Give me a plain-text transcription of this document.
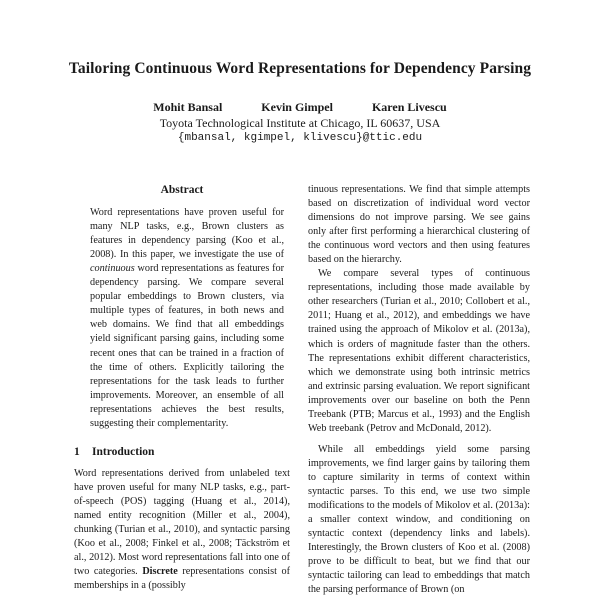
Tailoring Continuous Word Representations for Dependency Parsing
Mohit Bansal	Kevin Gimpel	Karen Livescu
Toyota Technological Institute at Chicago, IL 60637, USA
{mbansal, kgimpel, klivescu}@ttic.edu
Abstract

Word representations have proven useful for many NLP tasks, e.g., Brown clusters as features in dependency parsing (Koo et al., 2008). In this paper, we investigate the use of continuous word representations as features for dependency parsing. We compare several popular embeddings to Brown clusters, via multiple types of features, in both news and web domains. We find that all embeddings yield significant parsing gains, including some recent ones that can be trained in a fraction of the time of others. Explicitly tailoring the representations for the task leads to further improvements. Moreover, an ensemble of all representations achieves the best results, suggesting their complementarity.

1 Introduction

Word representations derived from unlabeled text have proven useful for many NLP tasks, e.g., part-of-speech (POS) tagging (Huang et al., 2014), named entity recognition (Miller et al., 2004), chunking (Turian et al., 2010), and syntactic parsing (Koo et al., 2008; Finkel et al., 2008; Täckström et al., 2012). Most word representations fall into one of two categories. Discrete representations consist of memberships in a (possibly

tinuous representations. We find that simple attempts based on discretization of individual word vector dimensions do not improve parsing. We see gains only after first performing a hierarchical clustering of the continuous word vectors and then using features based on the hierarchy.

We compare several types of continuous representations, including those made available by other researchers (Turian et al., 2010; Collobert et al., 2011; Huang et al., 2012), and embeddings we have trained using the approach of Mikolov et al. (2013a), which is orders of magnitude faster than the others. The representations exhibit different characteristics, which we demonstrate using both intrinsic metrics and extrinsic parsing evaluation. We report significant improvements over our baseline on both the Penn Treebank (PTB; Marcus et al., 1993) and the English Web treebank (Petrov and McDonald, 2012).

While all embeddings yield some parsing improvements, we find larger gains by tailoring them to capture similarity in terms of context within syntactic parses. To this end, we use two simple modifications to the models of Mikolov et al. (2013a): a smaller context window, and conditioning on syntactic context (dependency links and labels). Interestingly, the Brown clusters of Koo et al. (2008) prove to be difficult to beat, but we find that our syntactic tailoring can lead to embeddings that match the parsing performance of Brown (on
